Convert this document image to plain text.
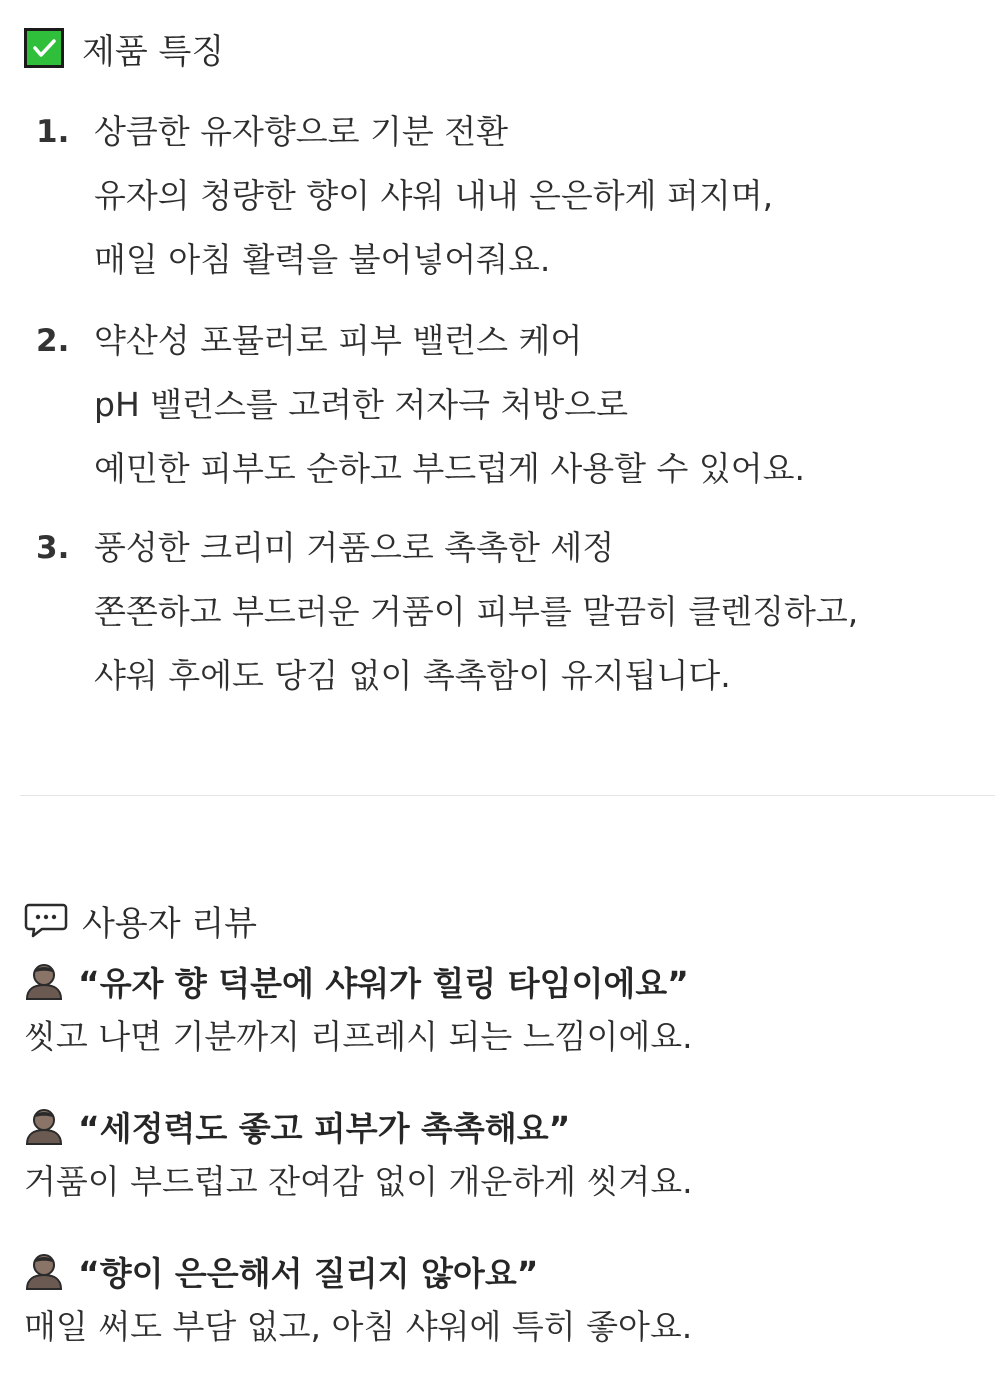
제품 특징
1. 상큼한 유자향으로 기분 전환
유자의 청량한 향이 샤워 내내 은은하게 퍼지며,
매일 아침 활력을 불어넣어줘요.
2. 약산성 포뮬러로 피부 밸런스 케어
pH 밸런스를 고려한 저자극 처방으로
예민한 피부도 순하고 부드럽게 사용할 수 있어요.
3. 풍성한 크리미 거품으로 촉촉한 세정
쫀쫀하고 부드러운 거품이 피부를 말끔히 클렌징하고,
샤워 후에도 당김 없이 촉촉함이 유지됩니다.
사용자 리뷰
“유자 향 덕분에 샤워가 힐링 타임이에요”
씻고 나면 기분까지 리프레시 되는 느낌이에요.
“세정력도 좋고 피부가 촉촉해요”
거품이 부드럽고 잔여감 없이 개운하게 씻겨요.
“향이 은은해서 질리지 않아요”
매일 써도 부담 없고, 아침 샤워에 특히 좋아요.
